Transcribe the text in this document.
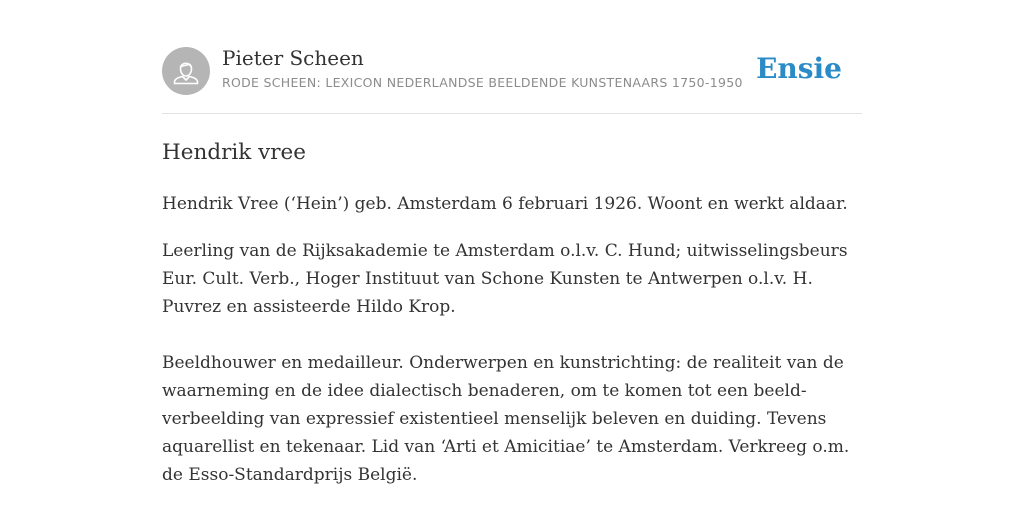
Pieter Scheen
RODE SCHEEN: LEXICON NEDERLANDSE BEELDENDE KUNSTENAARS 1750-1950 Ensie
Hendrik vree

Hendrik Vree (‘Hein’) geb. Amsterdam 6 februari 1926. Woont en werkt aldaar.

Leerling van de Rijksakademie te Amsterdam o.l.v. C. Hund; uitwisselingsbeurs Eur. Cult. Verb., Hoger Instituut van Schone Kunsten te Antwerpen o.l.v. H. Puvrez en assisteerde Hildo Krop.

Beeldhouwer en medailleur. Onderwerpen en kunstrichting: de realiteit van de waarneming en de idee dialectisch benaderen, om te komen tot een beeldverbeelding van expressief existentieel menselijk beleven en duiding. Tevens aquarellist en tekenaar. Lid van ‘Arti et Amicitiae’ te Amsterdam. Verkreeg o.m. de Esso-Standardprijs België.
